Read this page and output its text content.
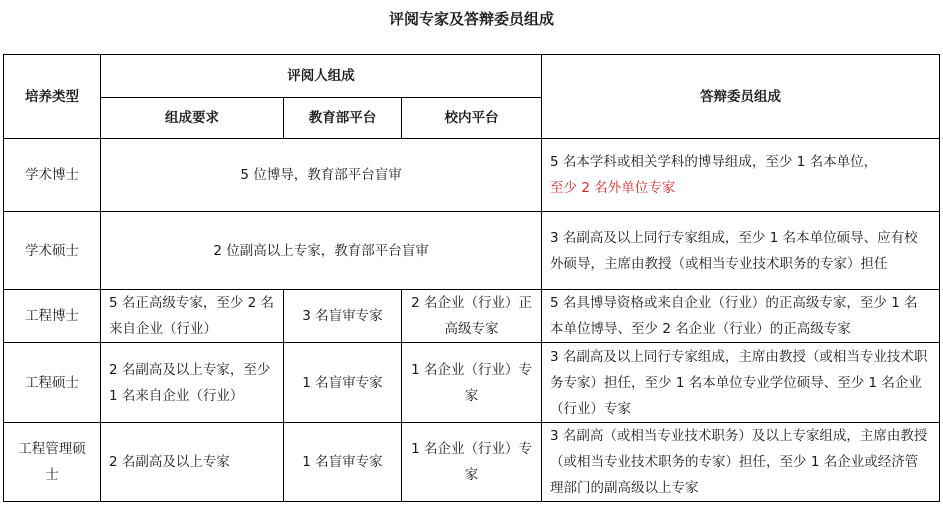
评阅专家及答辩委员组成
培养类型	评阅人组成			答辩委员组成
	组成要求	教育部平台	校内平台	
学术博士	5 位博导，教育部平台盲审			5 名本学科或相关学科的博导组成，至少 1 名本单位，
至少 2 名外单位专家
学术硕士	2 位副高以上专家，教育部平台盲审			3 名副高及以上同行专家组成，至少 1 名本单位硕导、应有校外硕导，主席由教授（或相当专业技术职务的专家）担任
工程博士	5 名正高级专家，至少 2 名来自企业（行业）	3 名盲审专家	2 名企业（行业）正高级专家	5 名具博导资格或来自企业（行业）的正高级专家，至少 1 名本单位博导、至少 2 名企业（行业）的正高级专家
工程硕士	2 名副高及以上专家，至少 1 名来自企业（行业）	1 名盲审专家	1 名企业（行业）专家	3 名副高及以上同行专家组成，主席由教授（或相当专业技术职务专家）担任，至少 1 名本单位专业学位硕导、至少 1 名企业（行业）专家
工程管理硕士	2 名副高及以上专家	1 名盲审专家	1 名企业（行业）专家	3 名副高（或相当专业技术职务）及以上专家组成，主席由教授（或相当专业技术职务的专家）担任，至少 1 名企业或经济管理部门的副高级以上专家
